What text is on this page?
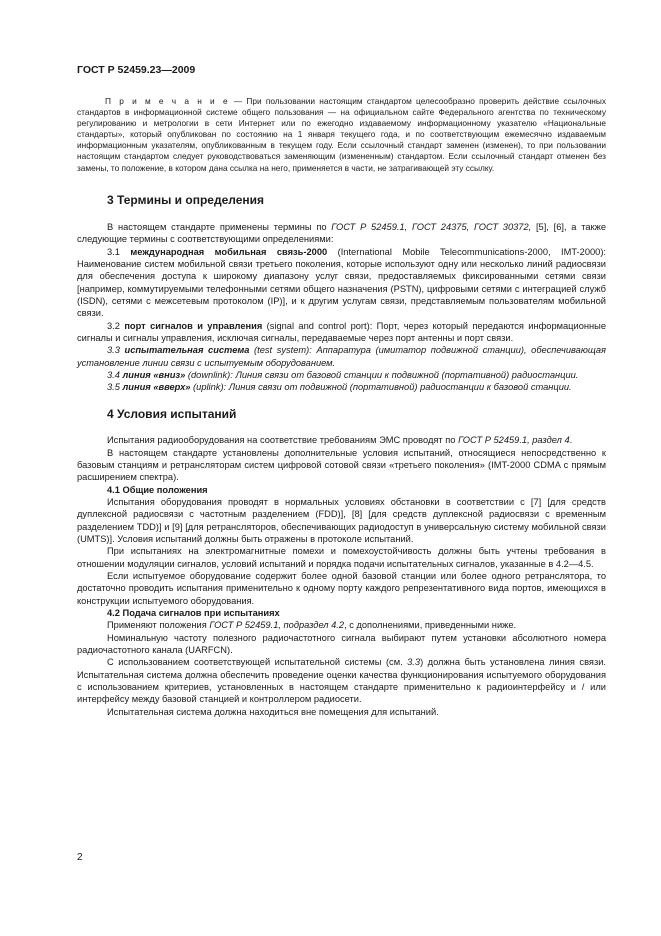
ГОСТ Р 52459.23—2009

П р и м е ч а н и е — При пользовании настоящим стандартом целесообразно проверить действие ссылочных стандартов в информационной системе общего пользования — на официальном сайте Федерального агентства по техническому регулированию и метрологии в сети Интернет или по ежегодно издаваемому информационному указателю «Национальные стандарты», который опубликован по состоянию на 1 января текущего года, и по соответствующим ежемесячно издаваемым информационным указателям, опубликованным в текущем году. Если ссылочный стандарт заменен (изменен), то при пользовании настоящим стандартом следует руководствоваться заменяющим (измененным) стандартом. Если ссылочный стандарт отменен без замены, то положение, в котором дана ссылка на него, применяется в части, не затрагивающей эту ссылку.

3 Термины и определения

В настоящем стандарте применены термины по ГОСТ Р 52459.1, ГОСТ 24375, ГОСТ 30372, [5], [6], а также следующие термины с соответствующими определениями:

3.1 международная мобильная связь-2000 (International Mobile Telecommunications-2000, IMT-2000): Наименование систем мобильной связи третьего поколения, которые используют одну или несколько линий радиосвязи для обеспечения доступа к широкому диапазону услуг связи, предоставляемых фиксированными сетями связи [например, коммутируемыми телефонными сетями общего назначения (PSTN), цифровыми сетями с интеграцией служб (ISDN), сетями с межсетевым протоколом (IP)], и к другим услугам связи, представляемым пользователям мобильной связи.

3.2 порт сигналов и управления (signal and control port): Порт, через который передаются информационные сигналы и сигналы управления, исключая сигналы, передаваемые через порт антенны и порт связи.

3.3 испытательная система (test system): Аппаратура (имитатор подвижной станции), обеспечивающая установление линии связи с испытуемым оборудованием.

3.4 линия «вниз» (downlink): Линия связи от базовой станции к подвижной (портативной) радиостанции.

3.5 линия «вверх» (uplink): Линия связи от подвижной (портативной) радиостанции к базовой станции.

4 Условия испытаний

Испытания радиооборудования на соответствие требованиям ЭМС проводят по ГОСТ Р 52459.1, раздел 4.

В настоящем стандарте установлены дополнительные условия испытаний, относящиеся непосредственно к базовым станциям и ретрансляторам систем цифровой сотовой связи «третьего поколения» (IMT-2000 CDMA с прямым расширением спектра).

4.1 Общие положения

Испытания оборудования проводят в нормальных условиях обстановки в соответствии с [7] [для средств дуплексной радиосвязи с частотным разделением (FDD)], [8] [для средств дуплексной радиосвязи с временным разделением TDD)] и [9] [для ретрансляторов, обеспечивающих радиодоступ в универсальную систему мобильной связи (UMTS)]. Условия испытаний должны быть отражены в протоколе испытаний.

При испытаниях на электромагнитные помехи и помехоустойчивость должны быть учтены требования в отношении модуляции сигналов, условий испытаний и порядка подачи испытательных сигналов, указанные в 4.2—4.5.

Если испытуемое оборудование содержит более одной базовой станции или более одного ретранслятора, то достаточно проводить испытания применительно к одному порту каждого репрезентативного вида портов, имеющихся в конструкции испытуемого оборудования.

4.2 Подача сигналов при испытаниях

Применяют положения ГОСТ Р 52459.1, подраздел 4.2, с дополнениями, приведенными ниже.

Номинальную частоту полезного радиочастотного сигнала выбирают путем установки абсолютного номера радиочастотного канала (UARFCN).

С использованием соответствующей испытательной системы (см. 3.3) должна быть установлена линия связи. Испытательная система должна обеспечить проведение оценки качества функционирования испытуемого оборудования с использованием критериев, установленных в настоящем стандарте применительно к радиоинтерфейсу и / или интерфейсу между базовой станцией и контроллером радиосети.

Испытательная система должна находиться вне помещения для испытаний.

2
